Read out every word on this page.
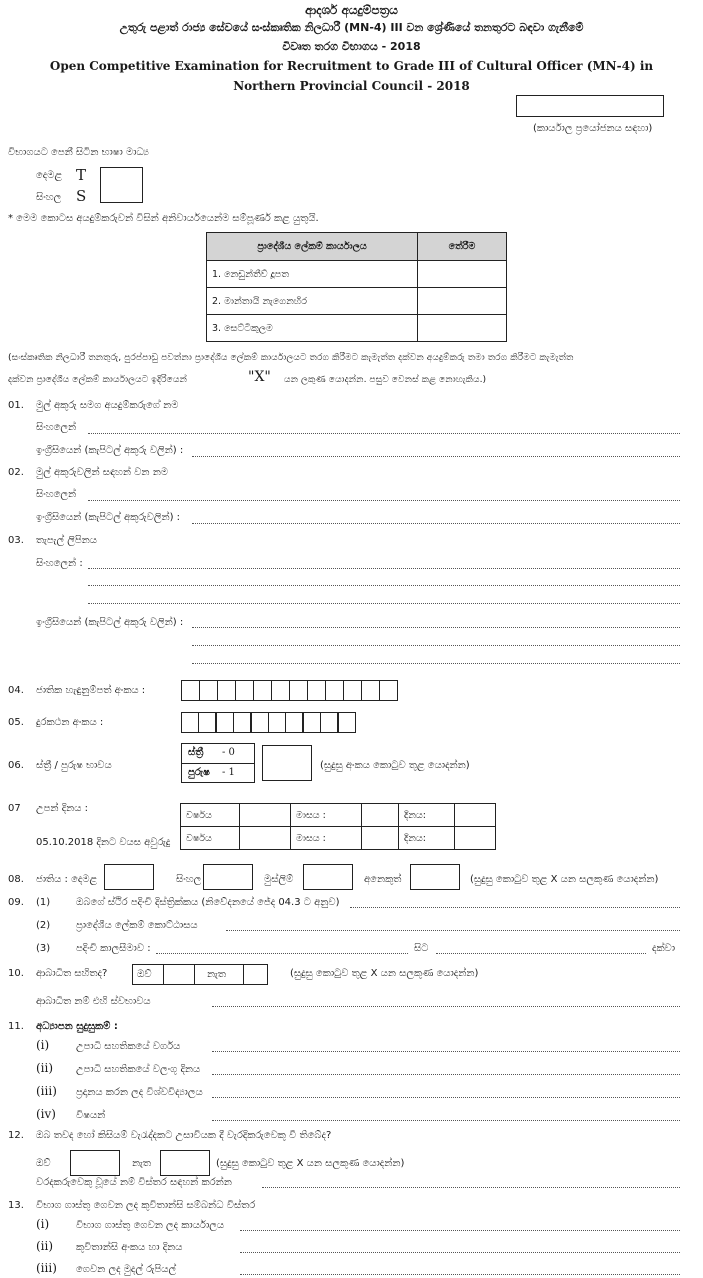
ආදර්ශ අයදුම්පත්‍රය
උතුරු පළාත් රාජ්‍ය සේවයේ සංස්කෘතික නිලධාරී (MN-4) III වන ශ්‍රේණියේ තනතුරට බඳවා ගැනීමේ
විවෘත තරග විභාගය - 2018
Open Competitive Examination for Recruitment to Grade III of Cultural Officer (MN-4) in
Northern Provincial Council - 2018
(කාර්යාල ප්‍රයෝජනය සඳහා)
විභාගයට පෙනී සිටින භාෂා මාධ්‍ය
දෙමළ T
සිංහල S
* මෙම කොටස අයදුම්කරුවන් විසින් අනිවාර්යයෙන්ම සම්පූර්ණ කළ යුතුයි.
ප්‍රාදේශීය ලේකම් කාර්යාලය	තේරීම
1. නෙඩුන්තීව් දූපත	
2. මාන්තායි නැගෙනහිර	
3. සෙට්ටිකුලම	
(සංස්කෘතික නිලධාරී තනතුරු, පුරප්පාඩු පවත්නා ප්‍රාදේශීය ලේකම් කාර්යාලයට තරග කිරීමට කැමැත්ත දක්වන අයදුම්කරු තමා තරග කිරීමට කැමැත්ත
දක්වන ප්‍රාදේශීය ලේකම් කාර්යාලයට ඉදිරියෙන්	"X" යන ලකුණ යොදන්න. පසුව වෙනස් කළ නොහැකිය.)
01. මුල් අකුරු සමග අයදුම්කරුගේ නම
සිංහලෙන්
ඉංග්‍රීසියෙන් (කැපිටල් අකුරු වලින්) :
02. මුල් අකුරුවලින් සඳහන් වන නම
සිංහලෙන්
ඉංග්‍රීසියෙන් (කැපිටල් අකුරුවලින්) :
03. තැපැල් ලිපිනය
සිංහලෙන් :
ඉංග්‍රීසියෙන් (කැපිටල් අකුරු වලින්) :
04. ජාතික හැඳුනුම්පත් අංකය :
05. දුරකථන අංකය :
06. ස්ත්‍රී / පුරුෂ භාවය
ස්ත්‍රී - 0
පුරුෂ - 1
(සුදුසු අංකය කොටුව තුළ යොදන්න)
07 උපන් දිනය :
05.10.2018 දිනට වයස අවුරුදු
වර්ෂය		මාසය :		දිනය:	
වර්ෂය		මාසය :		දිනය:	
08. ජාතිය : දෙමළ	සිංහල	මුස්ලිම්	අනෙකුත්	(සුදුසු කොටුව තුළ X යන සලකුණ යොදන්න)
09. (1)	ඔබගේ ස්ථිර පදිංචි දිස්ත්‍රික්කය (නිවේදනයේ ජේද 04.3 ට අනුව)
(2)	ප්‍රාදේශීය ලේකම් කොට්ඨාසය
(3)	පදිංචි කාලසීමාව :	සිට	දක්වා
10. ආබාධිත සහිතද?	ඔව්	නැත	(සුදුසු කොටුව තුළ X යන සලකුණ යොදන්න)
ආබාධිත නම් එහි ස්වභාවය
11. අධ්‍යාපන සුදුසුකම් :
(i)	උපාධි සහතිකයේ වර්ගය
(ii) උපාධි සහතිකයේ වලංගු දිනය
(iii) ප්‍රදානය කරන ලද විශ්වවිද්‍යාලය
(iv) විෂයන්
12. ඔබ තවද හෝ කිසියම් වැරැද්දකට උසාවියක දී වැරදිකරුවෙකු වී තිබේද?
ඔව්	නැත	(සුදුසු කොටුව තුළ X යන සලකුණ යොදන්න)
වරදකරුවෙකු වූයේ නම් විස්තර සඳහන් කරන්න
13. විභාග ගාස්තු ගෙවන ලද කුවිතාන්සි සම්බන්ධ විස්තර
(i)	විභාග ගාස්තු ගෙවන ලද කාර්යාලය
(ii) කුවිතාන්සි අංකය හා දිනය
(iii) ගෙවන ලද මුදල් රුපියල්
